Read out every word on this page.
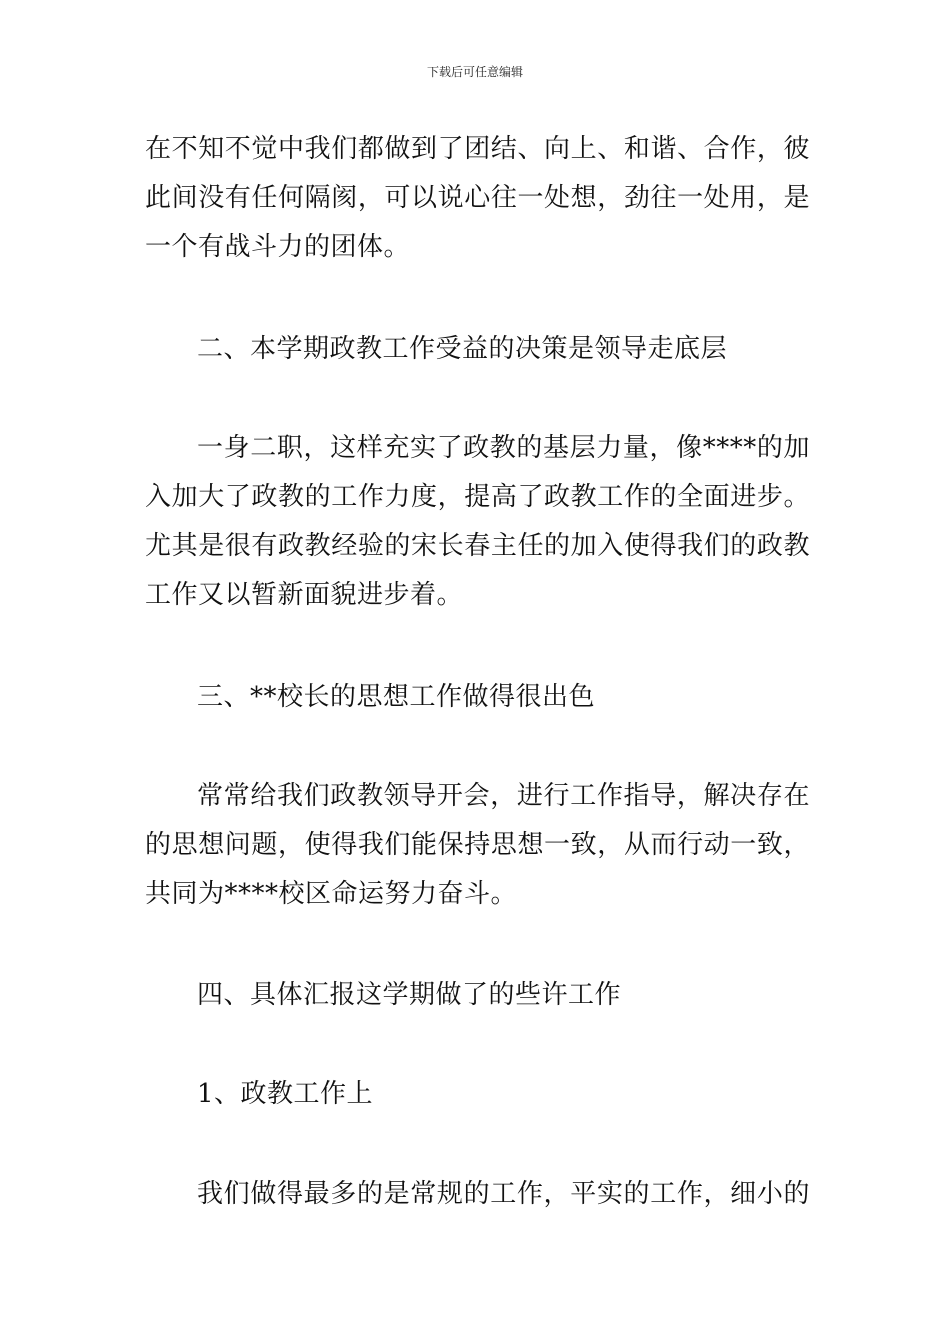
下载后可任意编辑
在不知不觉中我们都做到了团结、向上、和谐、合作，彼
此间没有任何隔阂，可以说心往一处想，劲往一处用，是
一个有战斗力的团体。
二、本学期政教工作受益的决策是领导走底层
一身二职，这样充实了政教的基层力量，像****的加
入加大了政教的工作力度，提高了政教工作的全面进步。
尤其是很有政教经验的宋长春主任的加入使得我们的政教
工作又以暂新面貌进步着。
三、**校长的思想工作做得很出色
常常给我们政教领导开会，进行工作指导，解决存在
的思想问题，使得我们能保持思想一致，从而行动一致，
共同为****校区命运努力奋斗。
四、具体汇报这学期做了的些许工作
1、政教工作上
我们做得最多的是常规的工作，平实的工作，细小的
